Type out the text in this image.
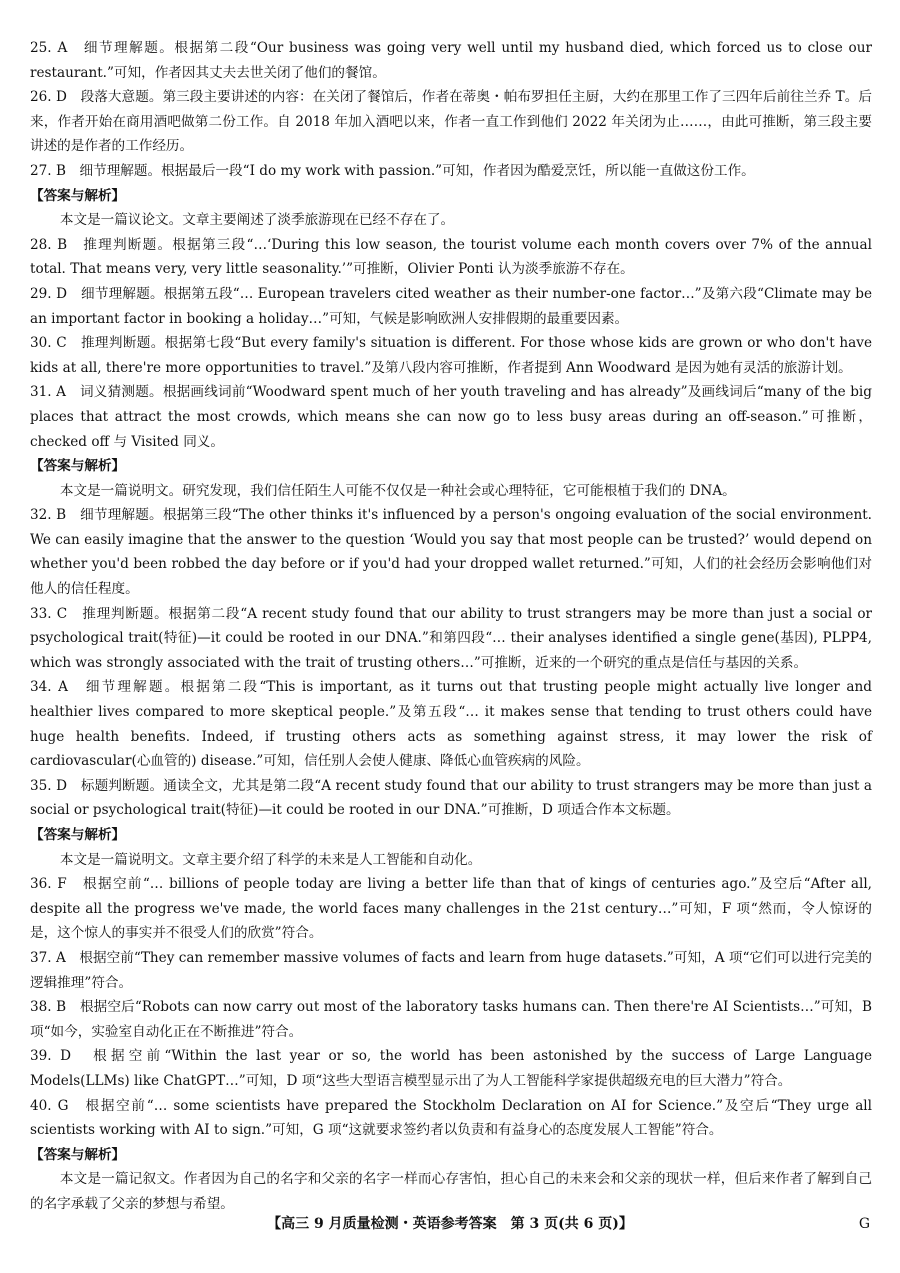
25. A　细节理解题。根据第二段“Our business was going very well until my husband died, which forced us to close our restaurant.”可知，作者因其丈夫去世关闭了他们的餐馆。

26. D　段落大意题。第三段主要讲述的内容：在关闭了餐馆后，作者在蒂奥・帕布罗担任主厨，大约在那里工作了三四年后前往兰乔 T。后来，作者开始在商用酒吧做第二份工作。自 2018 年加入酒吧以来，作者一直工作到他们 2022 年关闭为止……，由此可推断，第三段主要讲述的是作者的工作经历。

27. B　细节理解题。根据最后一段“I do my work with passion.”可知，作者因为酷爱烹饪，所以能一直做这份工作。

【答案与解析】

本文是一篇议论文。文章主要阐述了淡季旅游现在已经不存在了。

28. B　推理判断题。根据第三段“…‘During this low season, the tourist volume each month covers over 7% of the annual total. That means very, very little seasonality.’”可推断，Olivier Ponti 认为淡季旅游不存在。

29. D　细节理解题。根据第五段“… European travelers cited weather as their number-one factor…”及第六段“Climate may be an important factor in booking a holiday…”可知，气候是影响欧洲人安排假期的最重要因素。

30. C　推理判断题。根据第七段“But every family's situation is different. For those whose kids are grown or who don't have kids at all, there're more opportunities to travel.”及第八段内容可推断，作者提到 Ann Woodward 是因为她有灵活的旅游计划。

31. A　词义猜测题。根据画线词前“Woodward spent much of her youth traveling and has already”及画线词后“many of the big places that attract the most crowds, which means she can now go to less busy areas during an off-season.”可推断，checked off 与 Visited 同义。

【答案与解析】

本文是一篇说明文。研究发现，我们信任陌生人可能不仅仅是一种社会或心理特征，它可能根植于我们的 DNA。

32. B　细节理解题。根据第三段“The other thinks it's influenced by a person's ongoing evaluation of the social environment. We can easily imagine that the answer to the question ‘Would you say that most people can be trusted?’ would depend on whether you'd been robbed the day before or if you'd had your dropped wallet returned.”可知，人们的社会经历会影响他们对他人的信任程度。

33. C　推理判断题。根据第二段“A recent study found that our ability to trust strangers may be more than just a social or psychological trait(特征)—it could be rooted in our DNA.”和第四段“… their analyses identified a single gene(基因), PLPP4, which was strongly associated with the trait of trusting others…”可推断，近来的一个研究的重点是信任与基因的关系。

34. A　细节理解题。根据第二段“This is important, as it turns out that trusting people might actually live longer and healthier lives compared to more skeptical people.”及第五段“… it makes sense that tending to trust others could have huge health benefits. Indeed, if trusting others acts as something against stress, it may lower the risk of cardiovascular(心血管的) disease.”可知，信任别人会使人健康、降低心血管疾病的风险。

35. D　标题判断题。通读全文，尤其是第二段“A recent study found that our ability to trust strangers may be more than just a social or psychological trait(特征)—it could be rooted in our DNA.”可推断，D 项适合作本文标题。

【答案与解析】

本文是一篇说明文。文章主要介绍了科学的未来是人工智能和自动化。

36. F　根据空前“… billions of people today are living a better life than that of kings of centuries ago.”及空后“After all, despite all the progress we've made, the world faces many challenges in the 21st century…”可知，F 项“然而，令人惊讶的是，这个惊人的事实并不很受人们的欣赏”符合。

37. A　根据空前“They can remember massive volumes of facts and learn from huge datasets.”可知，A 项“它们可以进行完美的逻辑推理”符合。

38. B　根据空后“Robots can now carry out most of the laboratory tasks humans can. Then there're AI Scientists…”可知，B 项“如今，实验室自动化正在不断推进”符合。

39. D　根据空前“Within the last year or so, the world has been astonished by the success of Large Language Models(LLMs) like ChatGPT…”可知，D 项“这些大型语言模型显示出了为人工智能科学家提供超级充电的巨大潜力”符合。

40. G　根据空前“… some scientists have prepared the Stockholm Declaration on AI for Science.”及空后“They urge all scientists working with AI to sign.”可知，G 项“这就要求签约者以负责和有益身心的态度发展人工智能”符合。

【答案与解析】

本文是一篇记叙文。作者因为自己的名字和父亲的名字一样而心存害怕，担心自己的未来会和父亲的现状一样，但后来作者了解到自己的名字承载了父亲的梦想与希望。

【高三 9 月质量检测・英语参考答案　第 3 页(共 6 页)】	G
